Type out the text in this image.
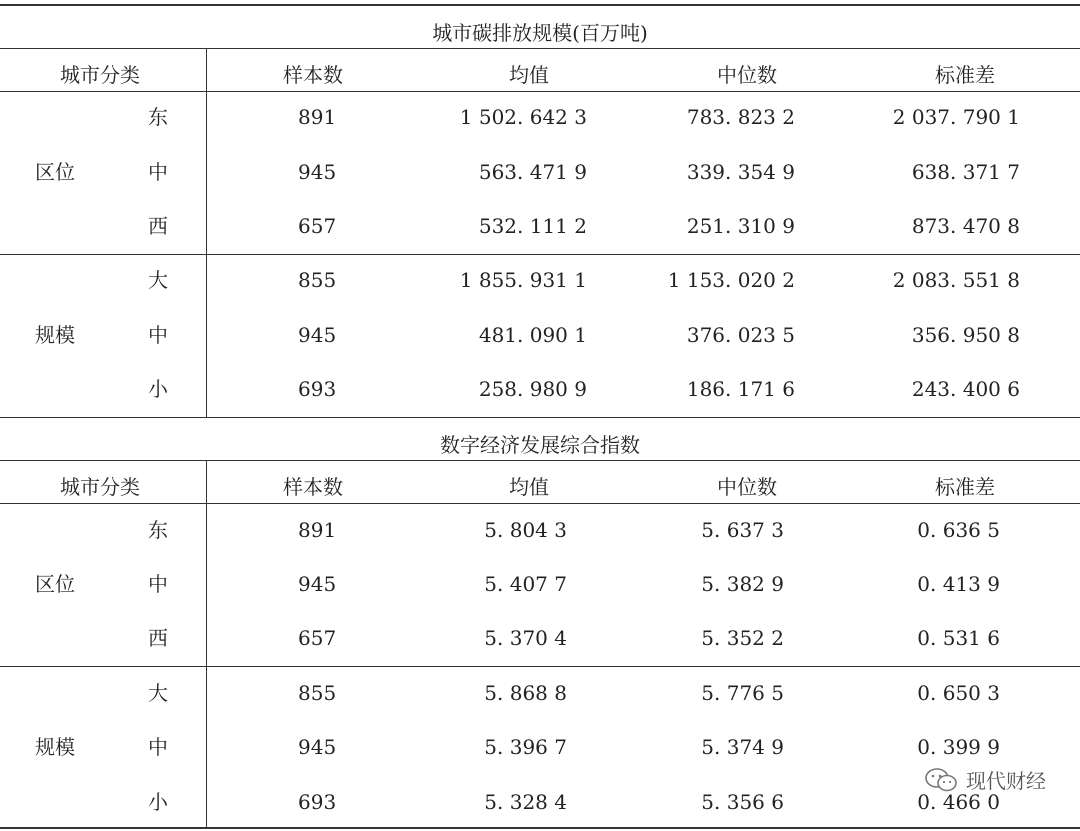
城市碳排放规模(百万吨)
城市分类	样本数	均值	中位数	标准差
区位
东	891	1 502. 642 3	783. 823 2	2 037. 790 1
中	945	563. 471 9	339. 354 9	638. 371 7
西	657	532. 111 2	251. 310 9	873. 470 8
规模
大	855	1 855. 931 1	1 153. 020 2	2 083. 551 8
中	945	481. 090 1	376. 023 5	356. 950 8
小	693	258. 980 9	186. 171 6	243. 400 6
数字经济发展综合指数
城市分类	样本数	均值	中位数	标准差
区位
东	891	5. 804 3	5. 637 3	0. 636 5
中	945	5. 407 7	5. 382 9	0. 413 9
西	657	5. 370 4	5. 352 2	0. 531 6
规模
大	855	5. 868 8	5. 776 5	0. 650 3
中	945	5. 396 7	5. 374 9	0. 399 9
小	693	5. 328 4	5. 356 6	0. 466 0
现代财经
